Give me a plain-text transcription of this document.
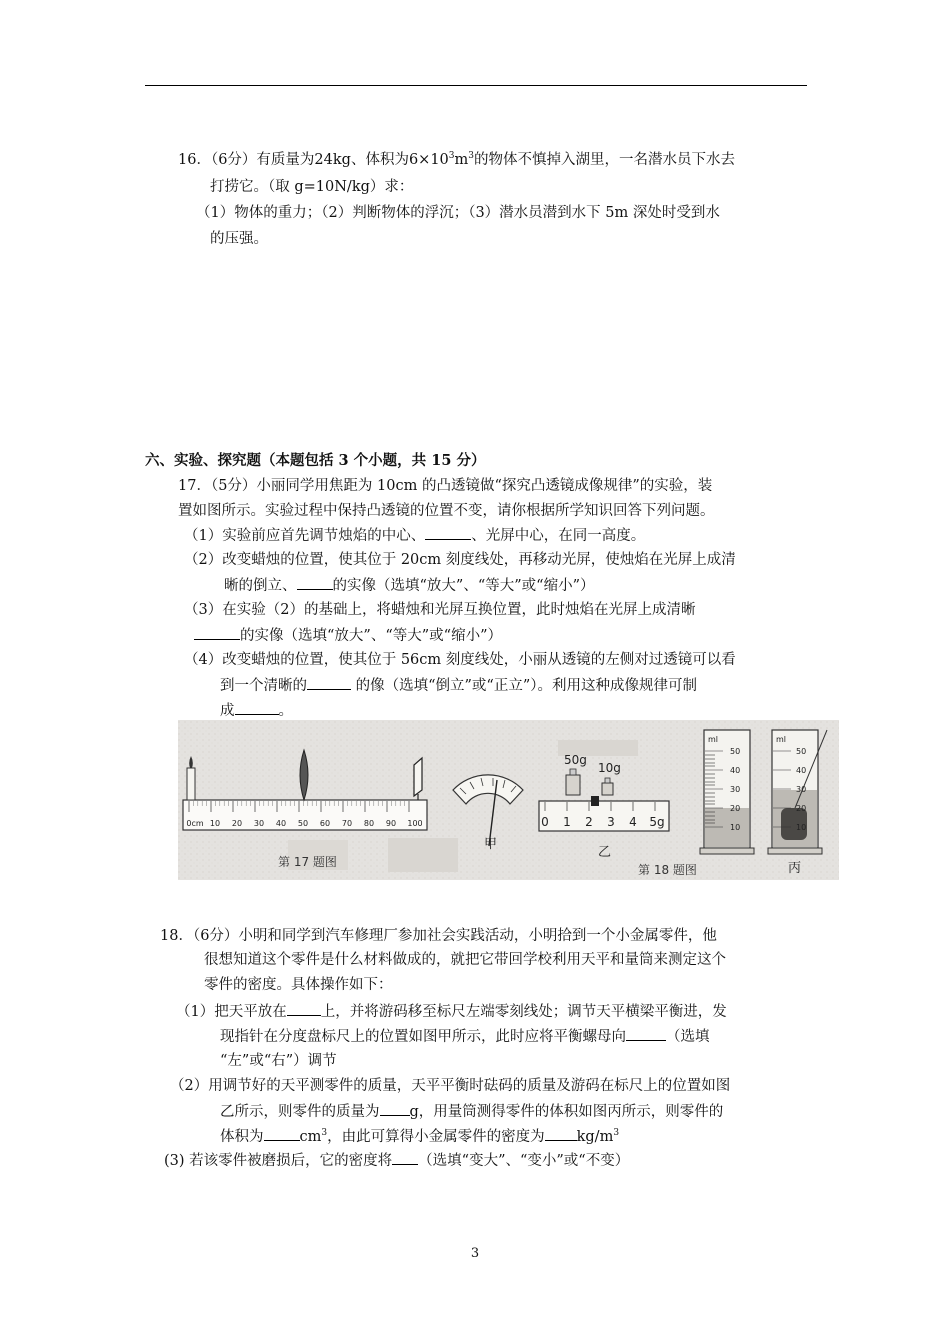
16．（6分）有质量为24kg、体积为$6\times 10^3m^3$的物体不慎掉入湖里，一名潜水员下水去
打捞它。（取 g=10N/kg）求：
（1）物体的重力；（2）判断物体的浮沉；（3）潜水员潜到水下 5m 深处时受到水
的压强。
六、实验、探究题（本题包括 3 个小题，共 15 分）
17．（5分）小丽同学用焦距为 10cm 的凸透镜做“探究凸透镜成像规律”的实验，装
置如图所示。实验过程中保持凸透镜的位置不变，请你根据所学知识回答下列问题。
（1）实验前应首先调节烛焰的中心、	、光屏中心，在同一高度。
（2）改变蜡烛的位置，使其位于 20cm 刻度线处，再移动光屏，使烛焰在光屏上成清
晰的倒立、 的实像（选填“放大”、“等大”或“缩小”）
（3）在实验（2）的基础上，将蜡烛和光屏互换位置，此时烛焰在光屏上成清晰
的实像（选填“放大”、“等大”或“缩小”）
（4）改变蜡烛的位置，使其位于 56cm 刻度线处，小丽从透镜的左侧对过透镜可以看
到一个清晰的	的像（选填“倒立”或“正立”）。利用这种成像规律可制
成	。
0cm 10 20 30 40 50 60 70 80 90 100
第 17 题图
甲
50g
10g
0 1 2 3 4 5g
乙
第 18 题图
ml
50
40
30
20
10
ml
50
40
30
20
10
丙
18．（6分）小明和同学到汽车修理厂参加社会实践活动，小明拾到一个小金属零件，他
很想知道这个零件是什么材料做成的，就把它带回学校利用天平和量筒来测定这个
零件的密度。具体操作如下：
（1）把天平放在 上，并将游码移至标尺左端零刻线处；调节天平横梁平衡进，发
现指针在分度盘标尺上的位置如图甲所示，此时应将平衡螺母向	（选填
“左”或“右”）调节
（2）用调节好的天平测零件的质量，天平平衡时砝码的质量及游码在标尺上的位置如图
乙所示，则零件的质量为 g，用量筒测得零件的体积如图丙所示，则零件的
体积为 $cm^3$，由此可算得小金属零件的密度为 $kg/m^3$
(3) 若该零件被磨损后，它的密度将 （选填“变大”、“变小”或“不变）
3
